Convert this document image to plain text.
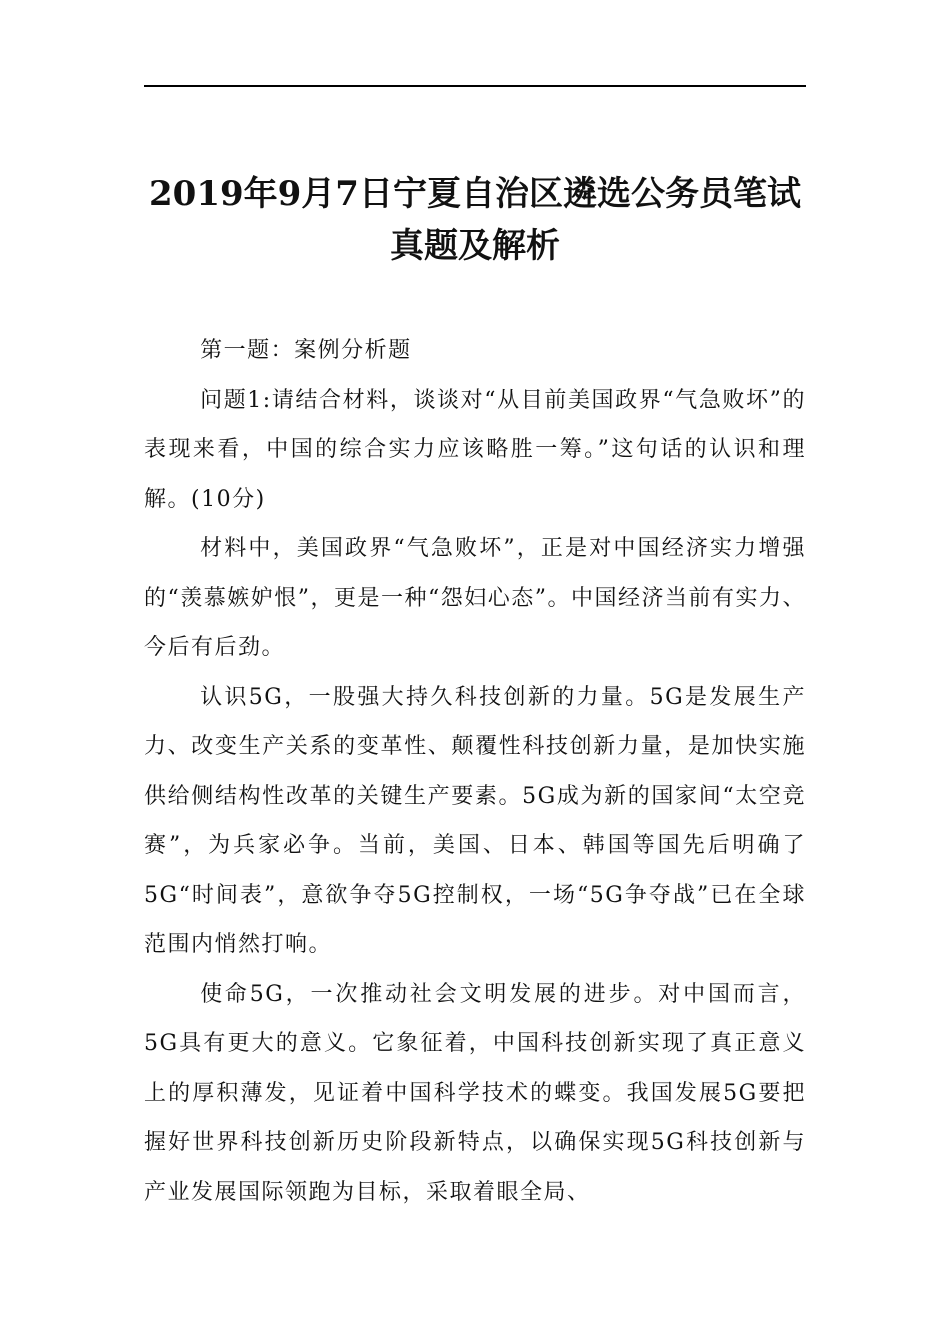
2019年9月7日宁夏自治区遴选公务员笔试真题及解析

第一题：案例分析题

问题1:请结合材料，谈谈对“从目前美国政界“气急败坏”的表现来看，中国的综合实力应该略胜一筹。”这句话的认识和理解。(10分)

材料中，美国政界“气急败坏”，正是对中国经济实力增强的“羡慕嫉妒恨”，更是一种“怨妇心态”。中国经济当前有实力、今后有后劲。

认识5G，一股强大持久科技创新的力量。5G是发展生产力、改变生产关系的变革性、颠覆性科技创新力量，是加快实施供给侧结构性改革的关键生产要素。5G成为新的国家间“太空竞赛”，为兵家必争。当前，美国、日本、韩国等国先后明确了5G“时间表”，意欲争夺5G控制权，一场“5G争夺战”已在全球范围内悄然打响。

使命5G，一次推动社会文明发展的进步。对中国而言，5G具有更大的意义。它象征着，中国科技创新实现了真正意义上的厚积薄发，见证着中国科学技术的蝶变。我国发展5G要把握好世界科技创新历史阶段新特点，以确保实现5G科技创新与产业发展国际领跑为目标，采取着眼全局、
